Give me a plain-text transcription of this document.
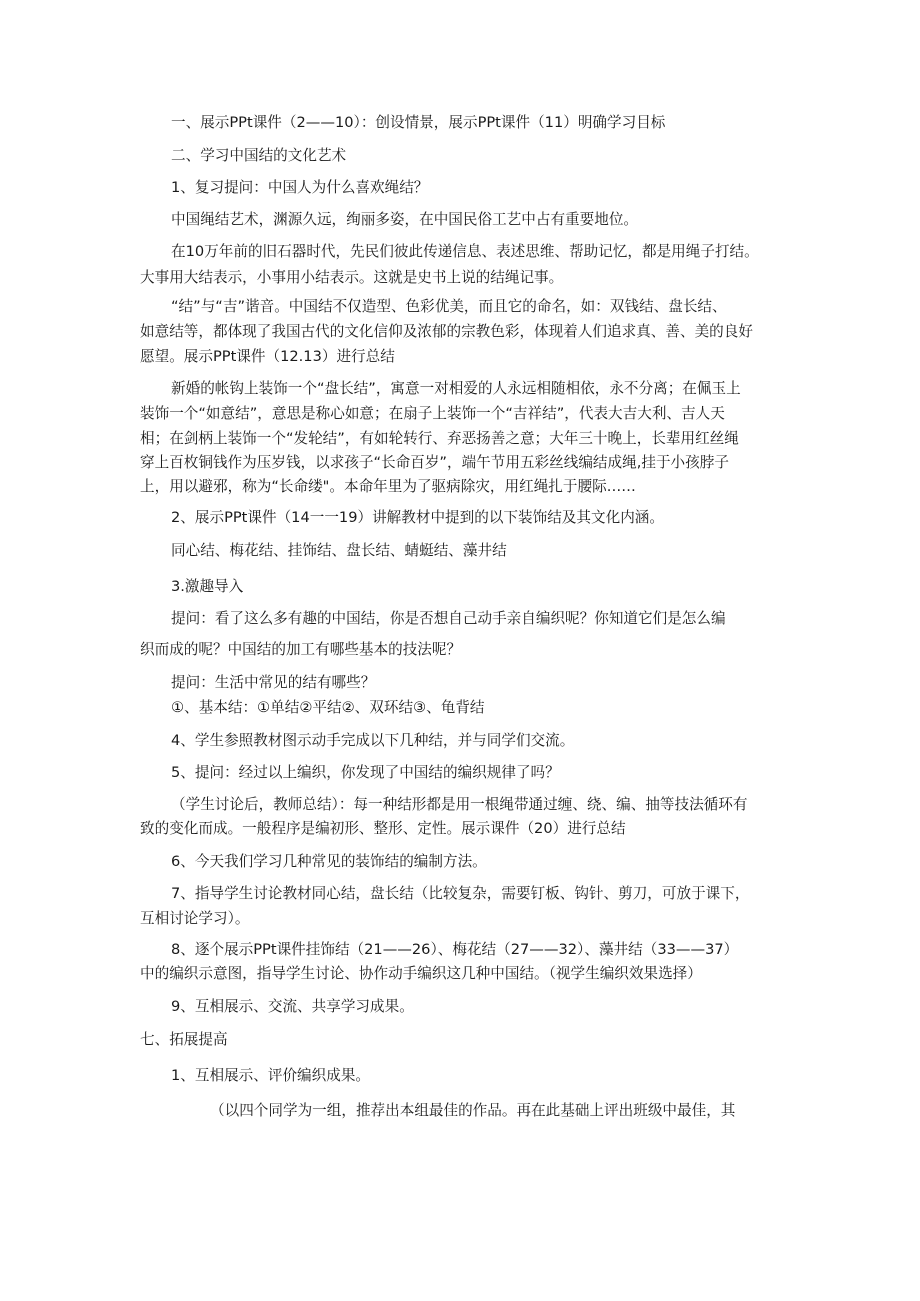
一、展示PPt课件（2——10）：创设情景，展示PPt课件（11）明确学习目标
二、学习中国结的文化艺术
1、复习提问：中国人为什么喜欢绳结？
中国绳结艺术，渊源久远，绚丽多姿，在中国民俗工艺中占有重要地位。
在10万年前的旧石器时代，先民们彼此传递信息、表述思维、帮助记忆，都是用绳子打结。
大事用大结表示，小事用小结表示。这就是史书上说的结绳记事。
“结”与“吉”谐音。中国结不仅造型、色彩优美，而且它的命名，如：双钱结、盘长结、
如意结等，都体现了我国古代的文化信仰及浓郁的宗教色彩，体现着人们追求真、善、美的良好
愿望。展示PPt课件（12.13）进行总结
新婚的帐钩上装饰一个“盘长结”，寓意一对相爱的人永远相随相依，永不分离；在佩玉上
装饰一个“如意结”，意思是称心如意；在扇子上装饰一个“吉祥结”，代表大吉大利、吉人天
相；在剑柄上装饰一个“发轮结”，有如轮转行、弃恶扬善之意；大年三十晚上，长辈用红丝绳
穿上百枚铜钱作为压岁钱，以求孩子“长命百岁”，端午节用五彩丝线编结成绳,挂于小孩脖子
上，用以避邪，称为“长命缕"。本命年里为了驱病除灾，用红绳扎于腰际……
2、展示PPt课件（14一一19）讲解教材中提到的以下装饰结及其文化内涵。
同心结、梅花结、挂饰结、盘长结、蜻蜓结、藻井结
3.激趣导入
提问：看了这么多有趣的中国结，你是否想自己动手亲自编织呢？你知道它们是怎么编
织而成的呢？中国结的加工有哪些基本的技法呢？
提问：生活中常见的结有哪些？
①、基本结：①单结②平结②、双环结③、龟背结
4、学生参照教材图示动手完成以下几种结，并与同学们交流。
5、提问：经过以上编织，你发现了中国结的编织规律了吗？
（学生讨论后，教师总结）：每一种结形都是用一根绳带通过缠、绕、编、抽等技法循环有
致的变化而成。一般程序是编初形、整形、定性。展示课件（20）进行总结
6、今天我们学习几种常见的装饰结的编制方法。
7、指导学生讨论教材同心结，盘长结（比较复杂，需要钉板、钩针、剪刀，可放于课下，
互相讨论学习）。
8、逐个展示PPt课件挂饰结（21——26）、梅花结（27——32）、藻井结（33——37）
中的编织示意图，指导学生讨论、协作动手编织这几种中国结。（视学生编织效果选择）
9、互相展示、交流、共享学习成果。
七、拓展提高
1、互相展示、评价编织成果。
（以四个同学为一组，推荐出本组最佳的作品。再在此基础上评出班级中最佳，其
